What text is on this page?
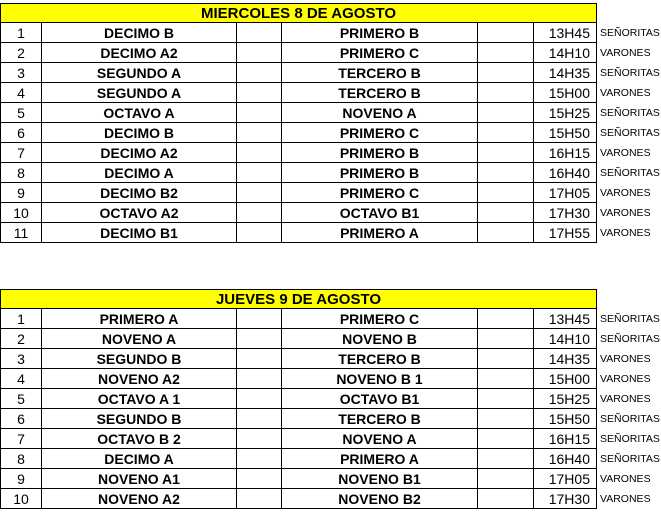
MIERCOLES 8 DE AGOSTO
1	DECIMO B	PRIMERO B	13H45 SEÑORITAS
2	DECIMO A2	PRIMERO C	14H10 VARONES
3	SEGUNDO A	TERCERO B	14H35 SEÑORITAS
4	SEGUNDO A	TERCERO B	15H00 VARONES
5	OCTAVO A	NOVENO A	15H25 SEÑORITAS
6	DECIMO B	PRIMERO C	15H50 SEÑORITAS
7	DECIMO A2	PRIMERO B	16H15 VARONES
8	DECIMO A	PRIMERO B	16H40 SEÑORITAS
9	DECIMO B2	PRIMERO C	17H05 VARONES
10	OCTAVO A2	OCTAVO B1	17H30 VARONES
11	DECIMO B1	PRIMERO A	17H55 VARONES
JUEVES 9 DE AGOSTO
1	PRIMERO A	PRIMERO C	13H45 SEÑORITAS
2	NOVENO A	NOVENO B	14H10 SEÑORITAS
3	SEGUNDO B	TERCERO B	14H35 VARONES
4	NOVENO A2	NOVENO B 1	15H00 VARONES
5	OCTAVO A 1	OCTAVO B1	15H25 VARONES
6	SEGUNDO B	TERCERO B	15H50 SEÑORITAS
7	OCTAVO B 2	NOVENO A	16H15 SEÑORITAS
8	DECIMO A	PRIMERO A	16H40 SEÑORITAS
9	NOVENO A1	NOVENO B1	17H05 VARONES
10	NOVENO A2	NOVENO B2	17H30 VARONES
